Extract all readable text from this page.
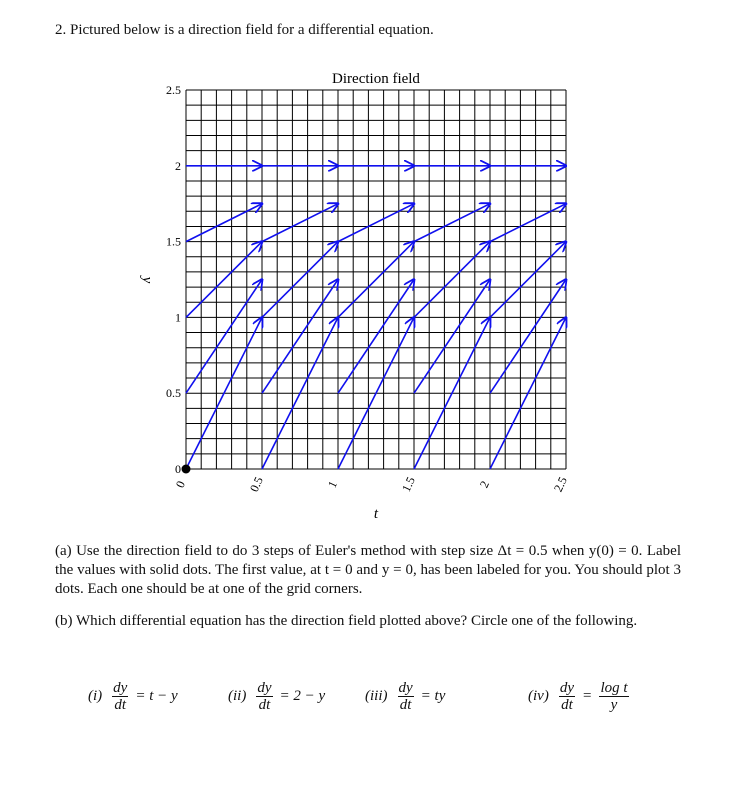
2. Pictured below is a direction field for a differential equation.
Direction field
0	0.5	1	1.5	2	2.5
0
0.5
1
1.5
2
2.5
t
y
(a) Use the direction field to do 3 steps of Euler's method with step size Δt = 0.5 when y(0) = 0. Label the values with solid dots. The first value, at t = 0 and y = 0, has been labeled for you. You should plot 3 dots. Each one should be at one of the grid corners.
(b) Which differential equation has the direction field plotted above? Circle one of the following.
$(i) \frac{dy}{dt} = t - y$	$(ii) \frac{dy}{dt} = 2 - y$	$(iii) \frac{dy}{dt}$ = ty	$(iv) \frac{dy}{dt} = \frac{\text{log t}}{y}$
